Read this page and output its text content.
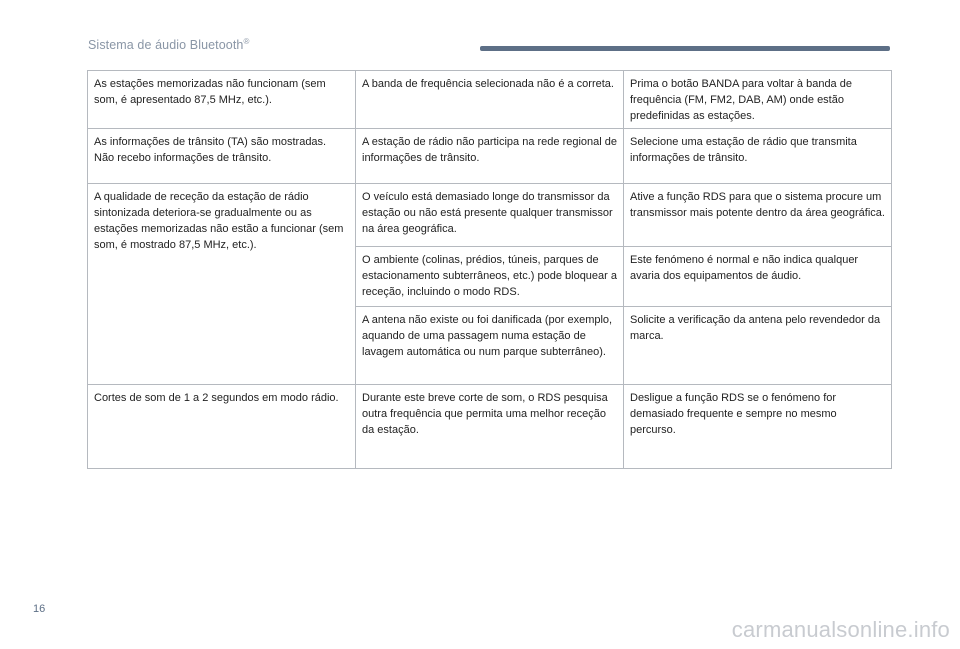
Sistema de áudio Bluetooth®
As estações memorizadas não funcionam (sem som, é apresentado 87,5 MHz, etc.).	A banda de frequência selecionada não é a correta.	Prima o botão BANDA para voltar à banda de frequência (FM, FM2, DAB, AM) onde estão predefinidas as estações.
As informações de trânsito (TA) são mostradas. Não recebo informações de trânsito.	A estação de rádio não participa na rede regional de informações de trânsito.	Selecione uma estação de rádio que transmita informações de trânsito.
A qualidade de receção da estação de rádio sintonizada deteriora-se gradualmente ou as estações memorizadas não estão a funcionar (sem som, é mostrado 87,5 MHz, etc.).	O veículo está demasiado longe do transmissor da estação ou não está presente qualquer transmissor na área geográfica.	Ative a função RDS para que o sistema procure um transmissor mais potente dentro da área geográfica.
	O ambiente (colinas, prédios, túneis, parques de estacionamento subterrâneos, etc.) pode bloquear a receção, incluindo o modo RDS.	Este fenómeno é normal e não indica qualquer avaria dos equipamentos de áudio.
	A antena não existe ou foi danificada (por exemplo, aquando de uma passagem numa estação de lavagem automática ou num parque subterrâneo).	Solicite a verificação da antena pelo revendedor da marca.
Cortes de som de 1 a 2 segundos em modo rádio.	Durante este breve corte de som, o RDS pesquisa outra frequência que permita uma melhor receção da estação.	Desligue a função RDS se o fenómeno for demasiado frequente e sempre no mesmo percurso.
16
carmanualsonline.info
